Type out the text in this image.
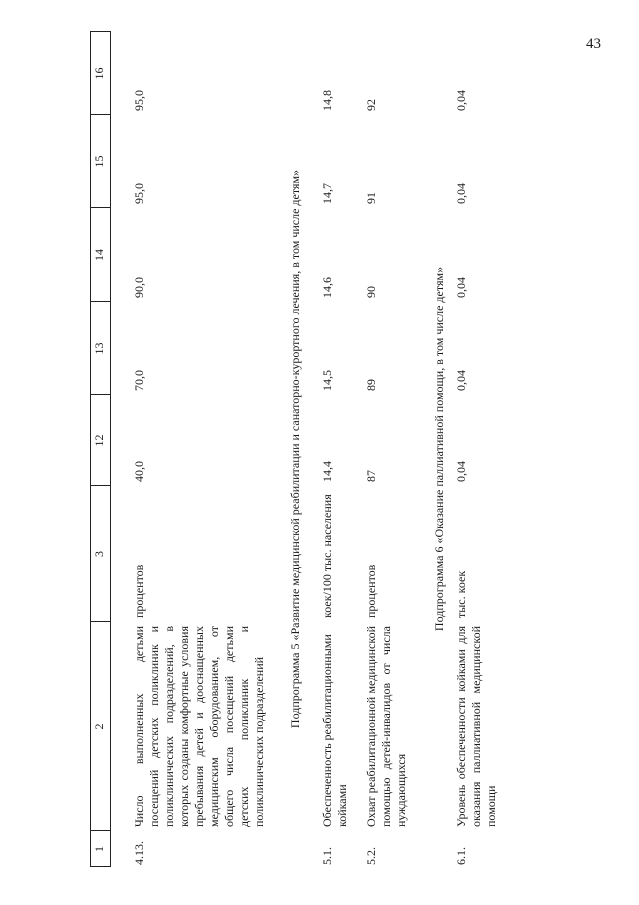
43

1
2
3
12
13
14
15
16
4.13.
Число выполненных детьми посещений детских поликлиник и поликлинических подразделений, в которых созданы комфортные условия пребывания детей и дооснащенных медицинским оборудованием, от общего числа посещений детьми детских поликлиник и поликлинических подразделений
процентов
40,0
70,0
90,0
95,0
95,0
Подпрограмма 5 «Развитие медицинской реабилитации и санаторно-курортного лечения, в том числе детям»
5.1.
Обеспеченность реабилитационными койками
коек/100 тыс. населения
14,4
14,5
14,6
14,7
14,8
5.2.
Охват реабилитационной медицинской помощью детей-инвалидов от числа нуждающихся
процентов
87
89
90
91
92
Подпрограмма 6 «Оказание паллиативной помощи, в том числе детям»
6.1.
Уровень обеспеченности койками для оказания паллиативной медицинской помощи
тыс. коек
0,04
0,04
0,04
0,04
0,04
